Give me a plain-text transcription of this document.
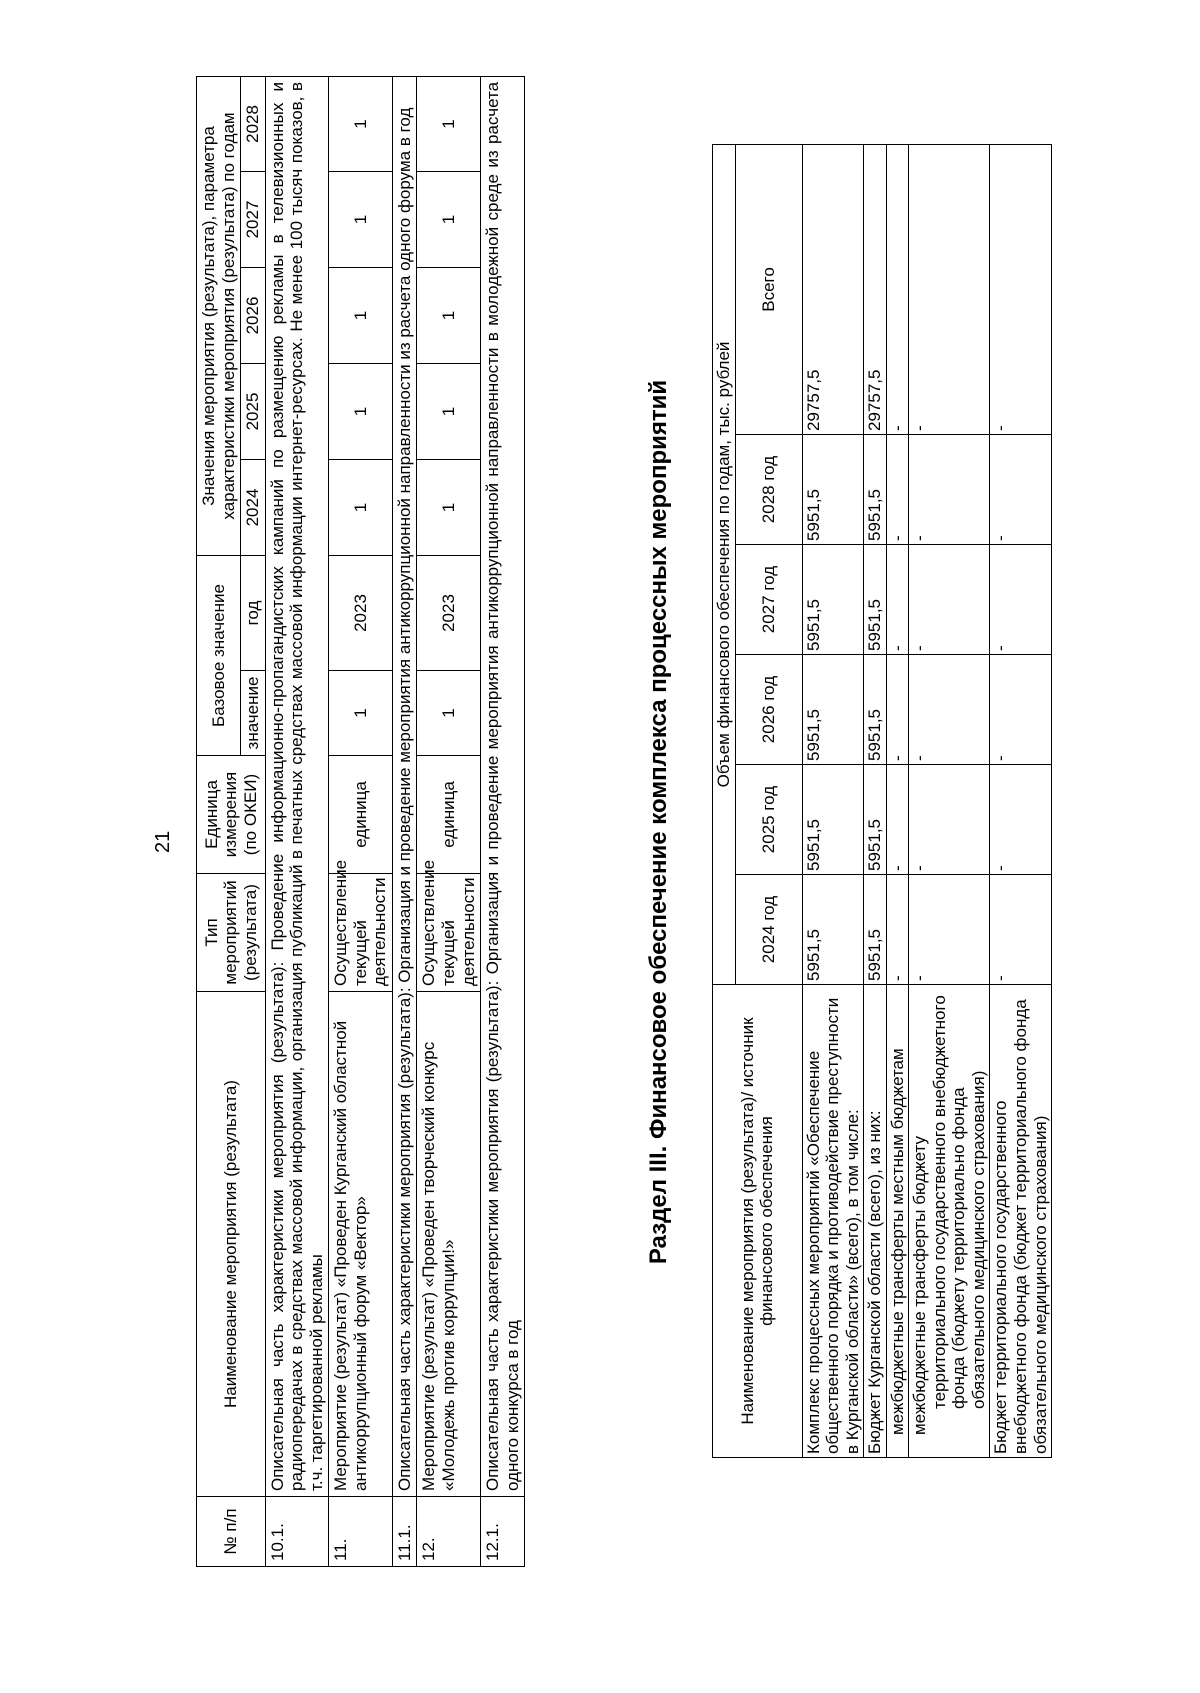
21
№ п/п	Наименование мероприятия (результата)	Тип мероприятий (результата)	Единица измерения (по ОКЕИ)	Базовое значение		Значения мероприятия (результата), параметра характеристики мероприятия (результата) по годам				
				значение	год	2024	2025	2026	2027	2028
10.1.	Описательная часть характеристики мероприятия (результата): Проведение информационно-пропагандистских кампаний по размещению рекламы в телевизионных и радиопередачах в средствах массовой информации, организация публикаций в печатных средствах массовой информации интернет-ресурсах. Не менее 100 тысяч показов, в т.ч. таргетированной рекламы									
11.	Мероприятие (результат) «Проведен Курганский областной антикоррупционный форум «Вектор»	Осуществление текущей деятельности	единица	1	2023	1	1	1	1	1
11.1.	Описательная часть характеристики мероприятия (результата): Организация и проведение мероприятия антикоррупционной направленности из расчета одного форума в год									
12.	Мероприятие (результат) «Проведен творческий конкурс «Молодежь против коррупции!»	Осуществление текущей деятельности	единица	1	2023	1	1	1	1	1
12.1.	Описательная часть характеристики мероприятия (результата): Организация и проведение мероприятия антикоррупционной направленности в молодежной среде из расчета одного конкурса в год									
Раздел III. Финансовое обеспечение комплекса процессных мероприятий	Наименование мероприятия (результата)/ источник финансового обеспечения	Объем финансового обеспечения по годам, тыс. рублей					
	2024 год	2025 год	2026 год	2027 год	2028 год	Всего
Комплекс процессных мероприятий «Обеспечение общественного порядка и противодействие преступности в Курганской области» (всего), в том числе:	5951,5	5951,5	5951,5	5951,5	5951,5	29757,5
Бюджет Курганской области (всего), из них:	5951,5	5951,5	5951,5	5951,5	5951,5	29757,5
межбюджетные трансферты местным бюджетам	-	-	-	-	-	-
межбюджетные трансферты бюджету территориального государственного внебюджетного фонда (бюджету территориально фонда обязательного медицинского страхования)	-	-	-	-	-	-
Бюджет территориального государственного внебюджетного фонда (бюджет территориального фонда обязательного медицинского страхования)	-	-	-	-	-	-
